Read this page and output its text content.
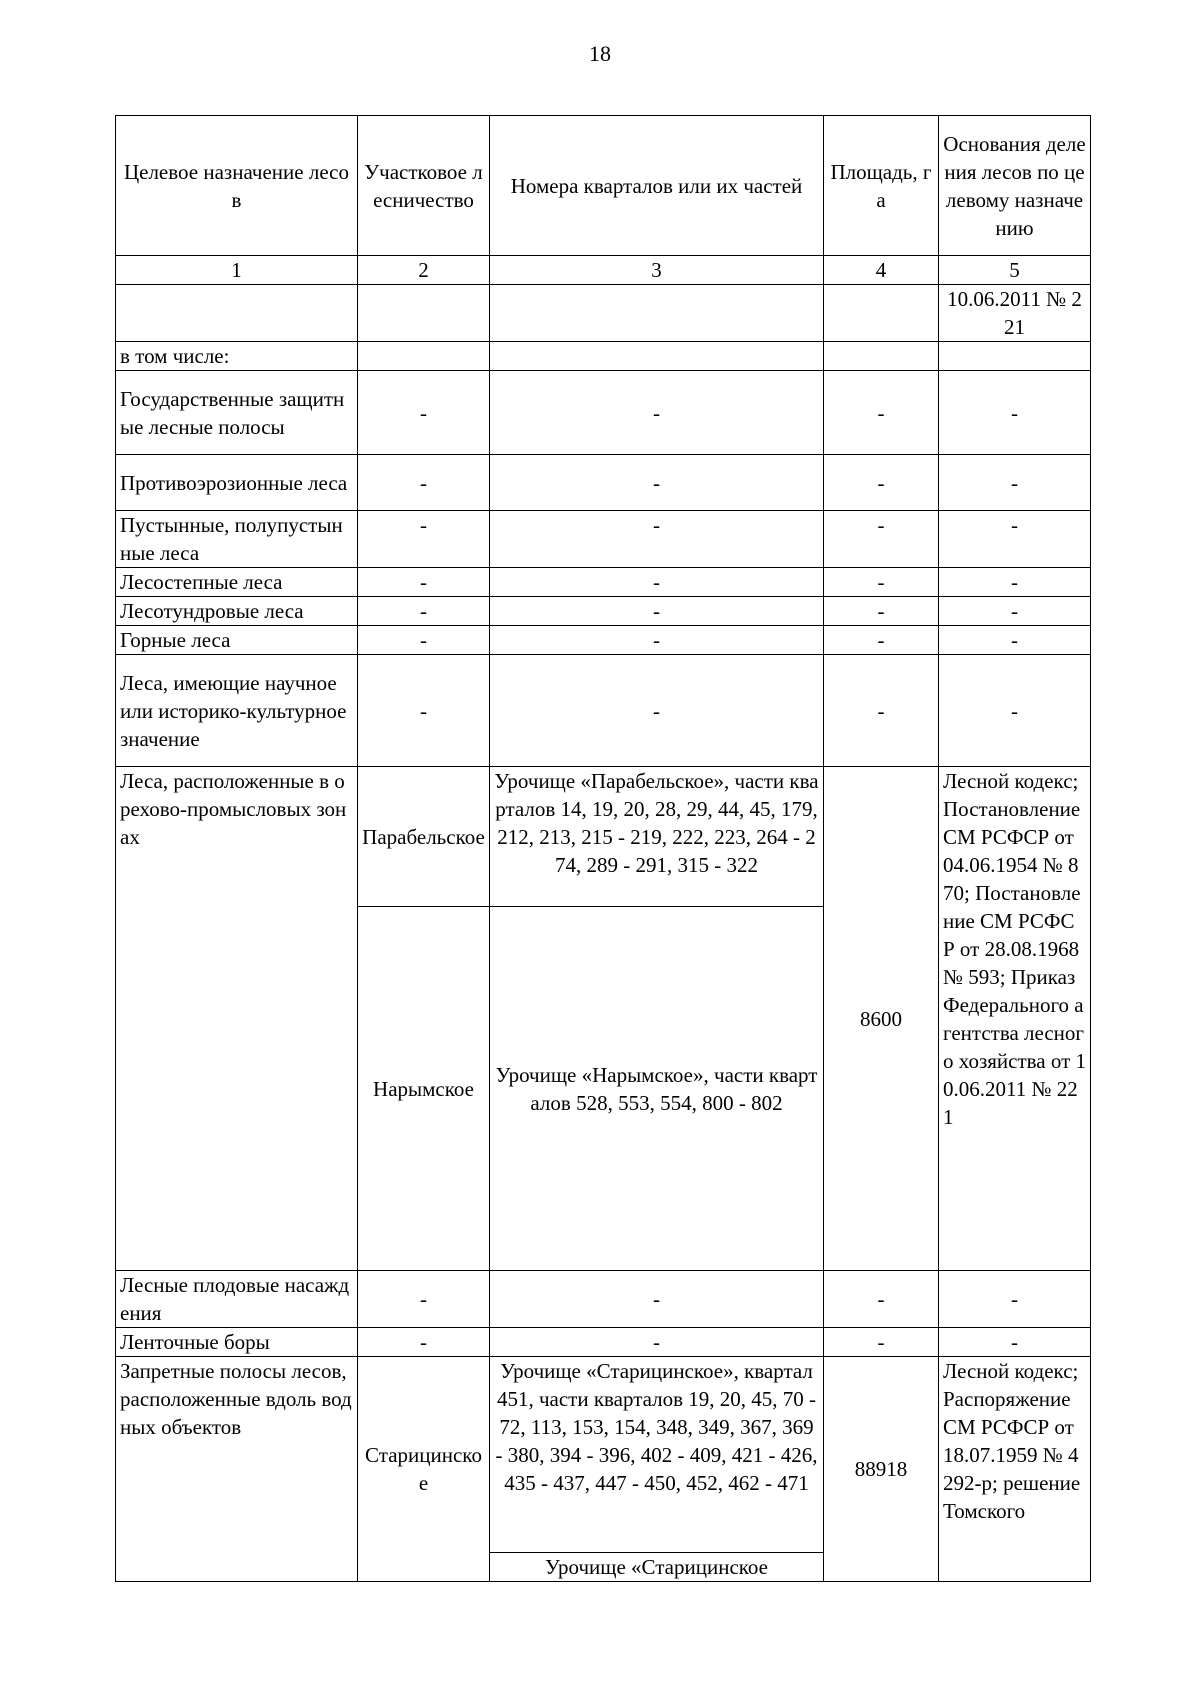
18
Целевое назначение лесов	Участковое лесничество	Номера кварталов или их частей	Площадь, га	Основания деления лесов по целевому назначению
1	2	3	4	5
				10.06.2011 № 221
в том числе:				
Государственные защитные лесные полосы	-	-	-	-
Противоэрозионные леса	-	-	-	-
Пустынные, полупустынные леса	-	-	-	-
Лесостепные леса	-	-	-	-
Лесотундровые леса	-	-	-	-
Горные леса	-	-	-	-
Леса, имеющие научное или историко-культурное значение	-	-	-	-
Леса, расположенные в орехово-промысловых зонах	Парабельское	Урочище «Парабельское», части кварталов 14, 19, 20, 28, 29, 44, 45, 179, 212, 213, 215 - 219, 222, 223, 264 - 274, 289 - 291, 315 - 322	8600	Лесной кодекс; Постановление СМ РСФСР от 04.06.1954 № 870; Постановление СМ РСФСР от 28.08.1968 № 593; Приказ Федерального агентства лесного хозяйства от 10.06.2011 № 221
	Нарымское	Урочище «Нарымское», части кварталов 528, 553, 554, 800 - 802		
Лесные плодовые насаждения	-	-	-	-
Ленточные боры	-	-	-	-
Запретные полосы лесов, расположенные вдоль водных объектов	Старицинское	Урочище «Старицинское», квартал 451, части кварталов 19, 20, 45, 70 - 72, 113, 153, 154, 348, 349, 367, 369 - 380, 394 - 396, 402 - 409, 421 - 426, 435 - 437, 447 - 450, 452, 462 - 471	88918	Лесной кодекс; Распоряжение СМ РСФСР от 18.07.1959 № 4292-р; решение Томского
		Урочище «Старицинское		
